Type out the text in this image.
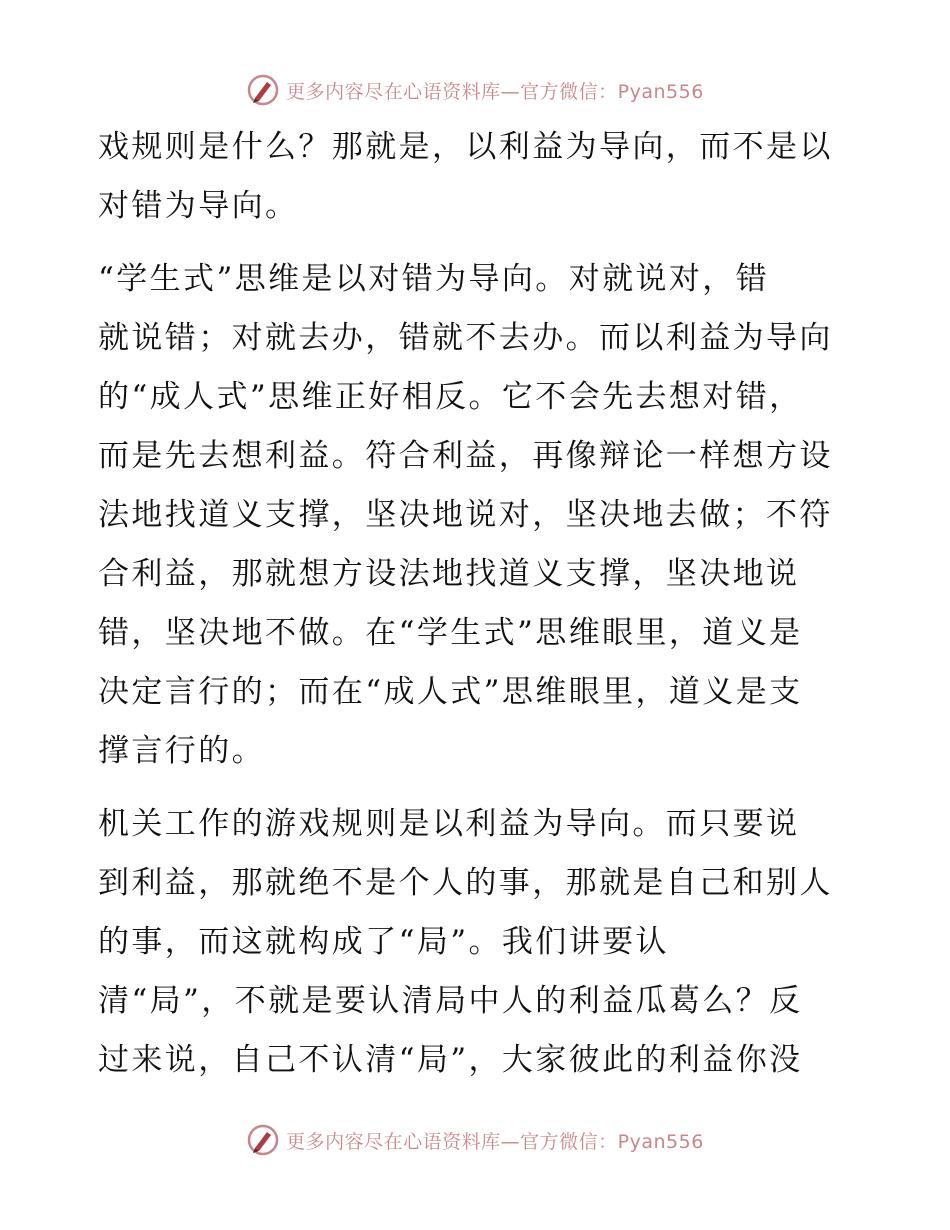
更多内容尽在心语资料库—官方微信：Pyan556
戏规则是什么？那就是，以利益为导向，而不是以
对错为导向。
“学生式”思维是以对错为导向。对就说对，错
就说错；对就去办，错就不去办。而以利益为导向
的“成人式”思维正好相反。它不会先去想对错，
而是先去想利益。符合利益，再像辩论一样想方设
法地找道义支撑，坚决地说对，坚决地去做；不符
合利益，那就想方设法地找道义支撑，坚决地说
错，坚决地不做。在“学生式”思维眼里，道义是
决定言行的；而在“成人式”思维眼里，道义是支
撑言行的。
机关工作的游戏规则是以利益为导向。而只要说
到利益，那就绝不是个人的事，那就是自己和别人
的事，而这就构成了“局”。我们讲要认
清“局”，不就是要认清局中人的利益瓜葛么？反
过来说，自己不认清“局”，大家彼此的利益你没
更多内容尽在心语资料库—官方微信：Pyan556
